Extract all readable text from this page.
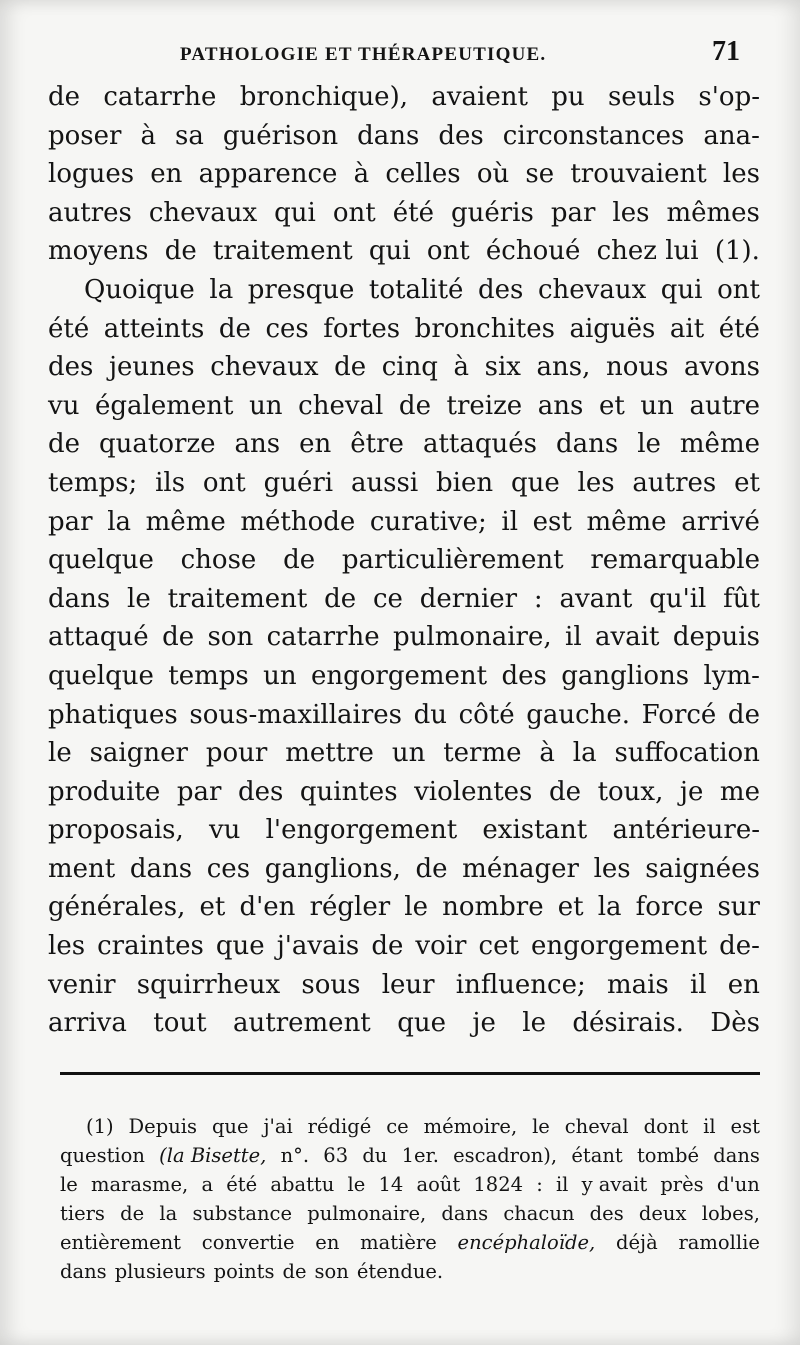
PATHOLOGIE ET THÉRAPEUTIQUE.	71
de catarrhe bronchique), avaient pu seuls s'op-
poser à sa guérison dans des circonstances ana-
logues en apparence à celles où se trouvaient les
autres chevaux qui ont été guéris par les mêmes
moyens de traitement qui ont échoué chez lui (1).
Quoique la presque totalité des chevaux qui ont
été atteints de ces fortes bronchites aiguës ait été
des jeunes chevaux de cinq à six ans, nous avons
vu également un cheval de treize ans et un autre
de quatorze ans en être attaqués dans le même
temps; ils ont guéri aussi bien que les autres et
par la même méthode curative; il est même arrivé
quelque chose de particulièrement remarquable
dans le traitement de ce dernier : avant qu'il fût
attaqué de son catarrhe pulmonaire, il avait depuis
quelque temps un engorgement des ganglions lym-
phatiques sous-maxillaires du côté gauche. Forcé de
le saigner pour mettre un terme à la suffocation
produite par des quintes violentes de toux, je me
proposais, vu l'engorgement existant antérieure-
ment dans ces ganglions, de ménager les saignées
générales, et d'en régler le nombre et la force sur
les craintes que j'avais de voir cet engorgement de-
venir squirrheux sous leur influence; mais il en
arriva tout autrement que je le désirais. Dès
(1) Depuis que j'ai rédigé ce mémoire, le cheval dont il est
question (la Bisette, n°. 63 du 1er. escadron), étant tombé dans
le marasme, a été abattu le 14 août 1824 : il y avait près d'un
tiers de la substance pulmonaire, dans chacun des deux lobes,
entièrement convertie en matière encéphaloïde, déjà ramollie
dans plusieurs points de son étendue.
